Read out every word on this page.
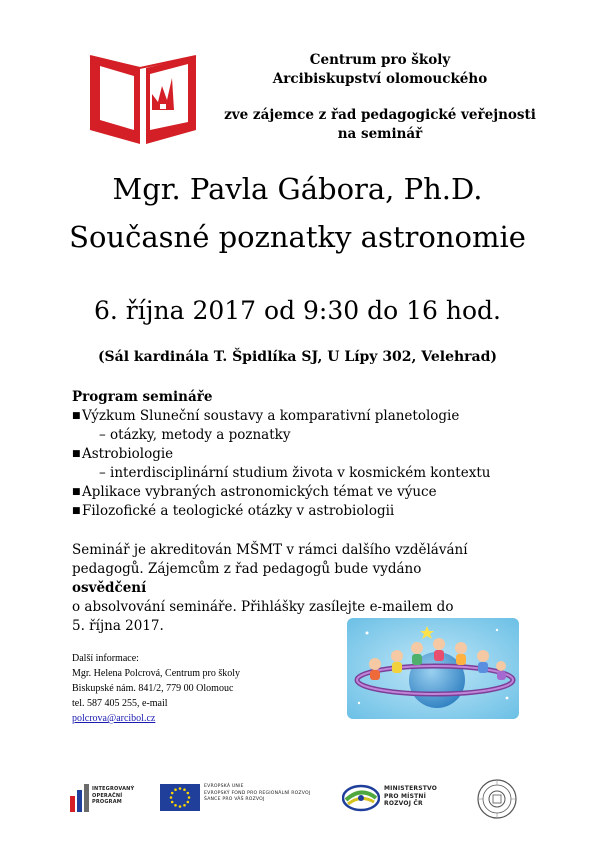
Centrum pro školy
Arcibiskupství olomouckého
zve zájemce z řad pedagogické veřejnosti
na seminář
Mgr. Pavla Gábora, Ph.D.
Současné poznatky astronomie
6. října 2017 od 9:30 do 16 hod.
(Sál kardinála T. Špidlíka SJ, U Lípy 302, Velehrad)
Program semináře
■Výzkum Sluneční soustavy a komparativní planetologie
– otázky, metody a poznatky
■Astrobiologie
– interdisciplinární studium života v kosmickém kontextu
■Aplikace vybraných astronomických témat ve výuce
■Filozofické a teologické otázky v astrobiologii
Seminář je akreditován MŠMT v rámci dalšího vzdělávání
pedagogů. Zájemcům z řad pedagogů bude vydáno
osvědčení
o absolvování semináře. Přihlášky zasílejte e-mailem do
5. října 2017.
Další informace:
Mgr. Helena Polcrová, Centrum pro školy
Biskupské nám. 841/2, 779 00 Olomouc
tel. 587 405 255, e-mail
polcrova@arcibol.cz
INTEGROVANÝ
OPERAČNÍ
PROGRAM
EVROPSKÁ UNIE
EVROPSKÝ FOND PRO REGIONÁLNÍ ROZVOJ
ŠANCE PRO VÁŠ ROZVOJ
MINISTERSTVO
PRO MÍSTNÍ
ROZVOJ ČR
